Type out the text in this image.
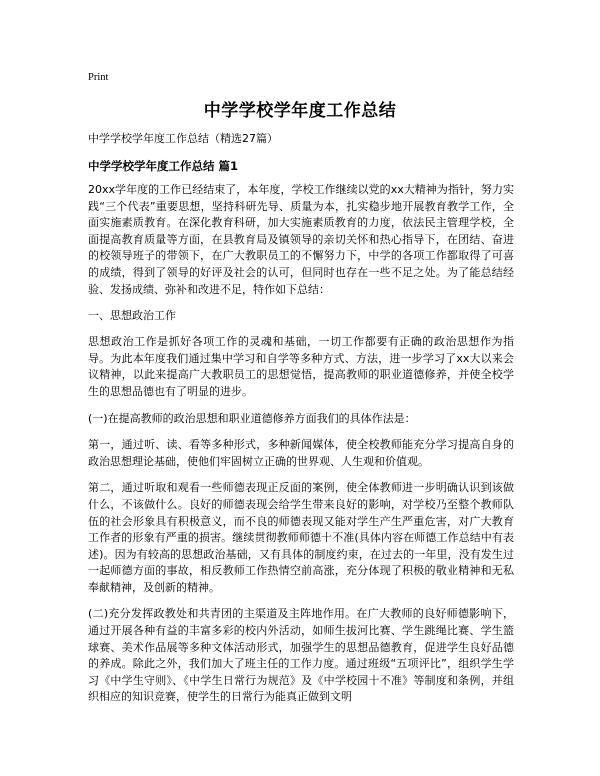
Print
中学学校学年度工作总结
中学学校学年度工作总结（精选27篇）
中学学校学年度工作总结 篇1

20xx学年度的工作已经结束了，本年度，学校工作继续以党的xx大精神为指针，努力实践“三个代表”重要思想，坚持科研先导、质量为本，扎实稳步地开展教育教学工作，全面实施素质教育。在深化教育科研，加大实施素质教育的力度，依法民主管理学校，全面提高教育质量等方面，在县教育局及镇领导的亲切关怀和热心指导下，在团结、奋进的校领导班子的带领下，在广大教职员工的不懈努力下，中学的各项工作都取得了可喜的成绩，得到了领导的好评及社会的认可，但同时也存在一些不足之处。为了能总结经验、发扬成绩、弥补和改进不足，特作如下总结：

一、思想政治工作

思想政治工作是抓好各项工作的灵魂和基础，一切工作都要有正确的政治思想作为指导。为此本年度我们通过集中学习和自学等多种方式、方法，进一步学习了xx大以来会议精神，以此来提高广大教职员工的思想觉悟，提高教师的职业道德修养，并使全校学生的思想品德也有了明显的进步。

(一)在提高教师的政治思想和职业道德修养方面我们的具体作法是：

第一，通过听、读、看等多种形式，多种新闻媒体，使全校教师能充分学习提高自身的政治思想理论基础，使他们牢固树立正确的世界观、人生观和价值观。

第二，通过听取和观看一些师德表现正反面的案例，使全体教师进一步明确认识到该做什么，不该做什么。良好的师德表现会给学生带来良好的影响，对学校乃至整个教师队伍的社会形象具有积极意义，而不良的师德表现又能对学生产生严重危害，对广大教育工作者的形象有严重的损害。继续贯彻教师师德十不准(具体内容在师德工作总结中有表述)。因为有较高的思想政治基础，又有具体的制度约束，在过去的一年里，没有发生过一起师德方面的事故，相反教师工作热情空前高涨，充分体现了积极的敬业精神和无私奉献精神，及创新的精神。

(二)充分发挥政教处和共青团的主渠道及主阵地作用。在广大教师的良好师德影响下，通过开展各种有益的丰富多彩的校内外活动，如师生拔河比赛、学生跳绳比赛、学生篮球赛、美术作品展等多种文体活动形式，加强学生的思想品德教育，促进学生良好品德的养成。除此之外，我们加大了班主任的工作力度。通过班级“五项评比”，组织学生学习《中学生守则》、《中学生日常行为规范》及《中学校园十不准》等制度和条例，并组织相应的知识竞赛，使学生的日常行为能真正做到文明
